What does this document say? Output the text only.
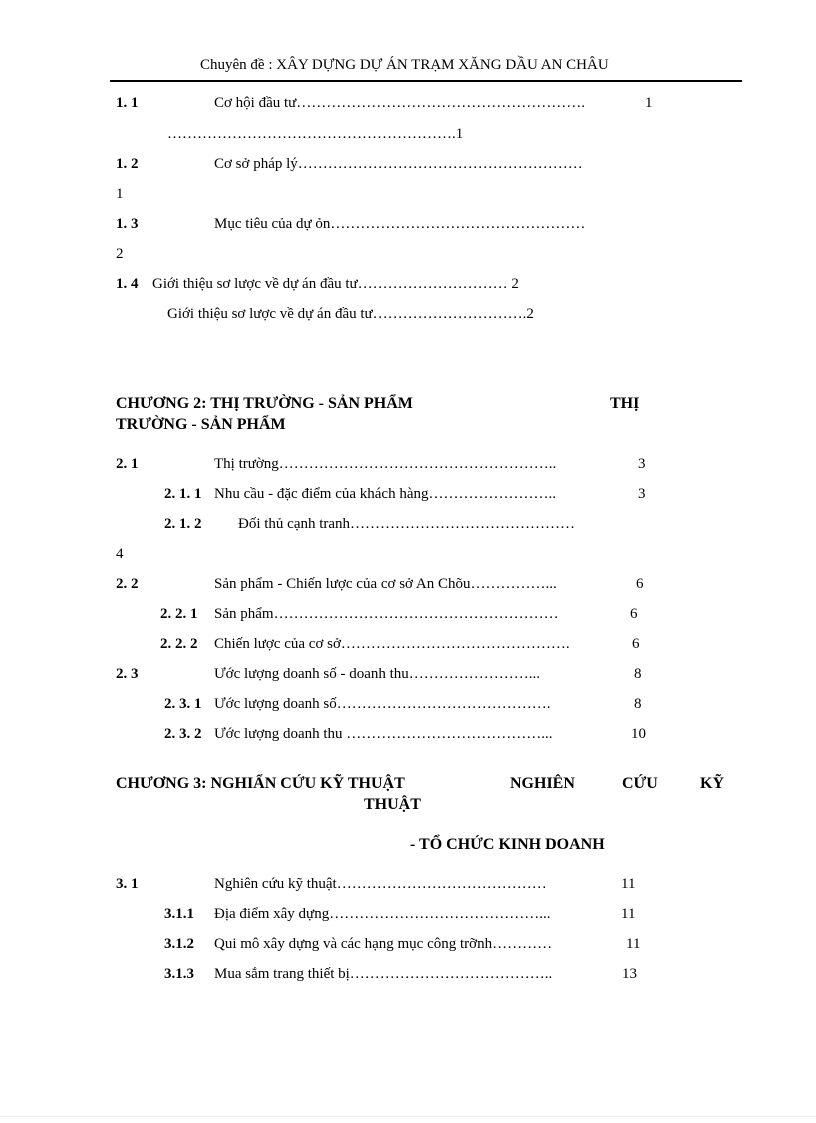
Chuyên đề : XÂY DỰNG DỰ ÁN TRẠM XĂNG DẦU AN CHÂU
1. 1	Cơ hội đầu tư………………………………………………….	1
………………………………………………….1
1. 2	Cơ sở pháp lý…………………………………………………
1
1. 3	Mục tiêu của dự ỏn……………………………………………
2
1. 4 Giới thiệu sơ lược về dự án đầu tư………………………… 2
Giới thiệu sơ lược về dự án đầu tư………………………….2
CHƯƠNG 2: THỊ TRƯỜNG - SẢN PHẨM	THỊ
TRƯỜNG - SẢN PHẨM
2. 1	Thị trường………………………………………………..	3
2. 1. 1 Nhu cầu - đặc điểm của khách hàng……………………..	3
2. 1. 2 Đối thủ cạnh tranh………………………………………
4
2. 2	Sản phẩm - Chiến lược của cơ sở An Chõu……………...	6
2. 2. 1 Sản phẩm…………………………………………………	6
2. 2. 2 Chiến lược của cơ sở……………………………………….	6
2. 3	Ước lượng doanh số - doanh thu……………………...	8
2. 3. 1 Ước lượng doanh số…………………………………….	8
2. 3. 2 Ước lượng doanh thu …………………………………...	10
CHƯƠNG 3: NGHIẨN CỨU KỸ THUẬT	NGHIÊN	CỨU	KỸ
THUẬT
- TỔ CHỨC KINH DOANH
3. 1	Nghiên cứu kỹ thuật……………………………………	11
3.1.1 Địa điểm xây dựng……………………………………...	11
3.1.2 Qui mô xây dựng và các hạng mục công trỡnh…………	11
3.1.3 Mua sắm trang thiết bị…………………………………..	13
